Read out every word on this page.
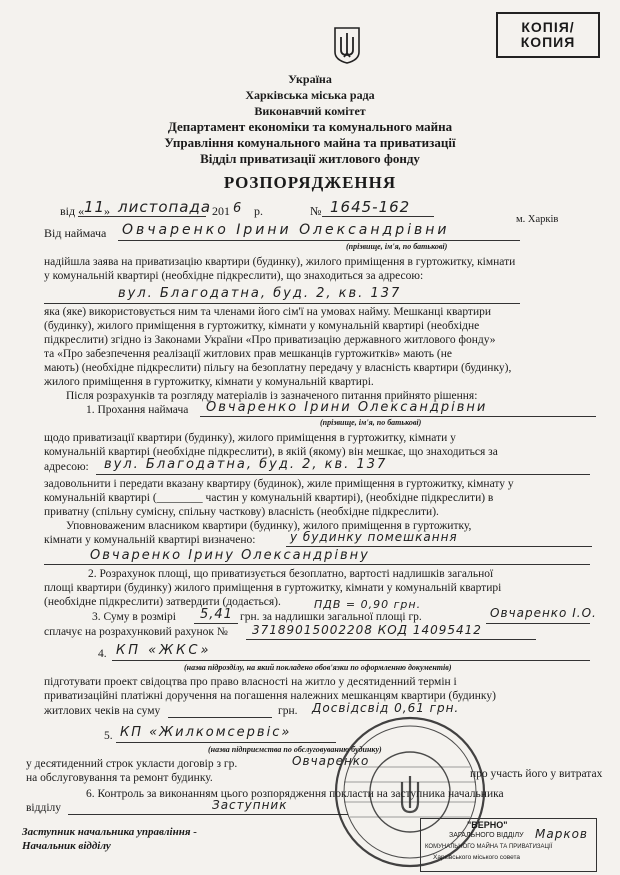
КОПІЯ/
КОПИЯ
Україна
Харківська міська рада
Виконавчий комітет
Департамент економіки та комунального майна
Управління комунального майна та приватизації
Відділ приватизації житлового фонду
РОЗПОРЯДЖЕННЯ
від « 11
» листопада 201 6 р.	№ 1645-162
м. Харків
Від наймача Овчаренко Ірини Олександрівни
(прізвище, ім'я, по батькові)
надійшла заява на приватизацію квартири (будинку), жилого приміщення в гуртожитку, кімнати
у комунальній квартирі (необхідне підкреслити), що знаходиться за адресою:
вул. Благодатна, буд. 2, кв. 137
яка (яке) використовується ним та членами його сім'ї на умовах найму. Мешканці квартири
(будинку), жилого приміщення в гуртожитку, кімнати у комунальній квартирі (необхідне
підкреслити) згідно із Законами України «Про приватизацію державного житлового фонду»
та «Про забезпечення реалізації житлових прав мешканців гуртожитків» мають (не
мають) (необхідне підкреслити) пільгу на безоплатну передачу у власність квартири (будинку),
жилого приміщення в гуртожитку, кімнати у комунальній квартирі.
Після розрахунків та розгляду матеріалів із зазначеного питання прийнято рішення:
1. Прохання наймача Овчаренко Ірини Олександрівни
(прізвище, ім'я, по батькові)
щодо приватизації квартири (будинку), жилого приміщення в гуртожитку, кімнати у
комунальній квартирі (необхідне підкреслити), в якій (якому) він мешкає, що знаходиться за
адресою: вул. Благодатна, буд. 2, кв. 137
задовольнити і передати вказану квартиру (будинок), жиле приміщення в гуртожитку, кімнату у
комунальній квартирі (________ частин у комунальній квартирі), (необхідне підкреслити) в
приватну (спільну сумісну, спільну часткову) власність (необхідне підкреслити).
Уповноваженим власником квартири (будинку), жилого приміщення в гуртожитку,
кімнати у комунальній квартирі визначено:	у будинку помешкання
Овчаренко Ірину Олександрівну
2. Розрахунок площі, що приватизується безоплатно, вартості надлишків загальної
площі квартири (будинку) жилого приміщення в гуртожитку, кімнати у комунальній квартирі
(необхідне підкреслити) затвердити (додається).
3. Суму в розмірі 5,41 грн. за надлишки загальної площі гр.
ПДВ = 0,90 грн.
Овчаренко І.О.
сплачує на розрахунковий рахунок № 37189015002208 КОД 14095412
4. КП «ЖКС»
(назва підрозділу, на який покладено обов'язки по оформленню документів)
підготувати проект свідоцтва про право власності на житло у десятиденний термін і
приватизаційні платіжні доручення на погашення належних мешканцям квартири (будинку)
житлових чеків на суму	грн. Досвідсвід 0,61 грн.
5. КП «Жилкомсервіс»
(назва підприємства по обслуговуванню будинку)
у десятиденний строк укласти договір з гр.	Овчаренко
про участь його у витратах
на обслуговування та ремонт будинку.
6. Контроль за виконанням цього розпорядження покласти на заступника начальника
відділу	Заступник
Заступник начальника управління -
Начальник відділу
"ВЕРНО"
ЗАГАЛЬНОГО ВІДДІЛУ
КОМУНАЛЬНОГО МАЙНА ТА ПРИВАТИЗАЦІЇ
Харківського міського совета
Марков
